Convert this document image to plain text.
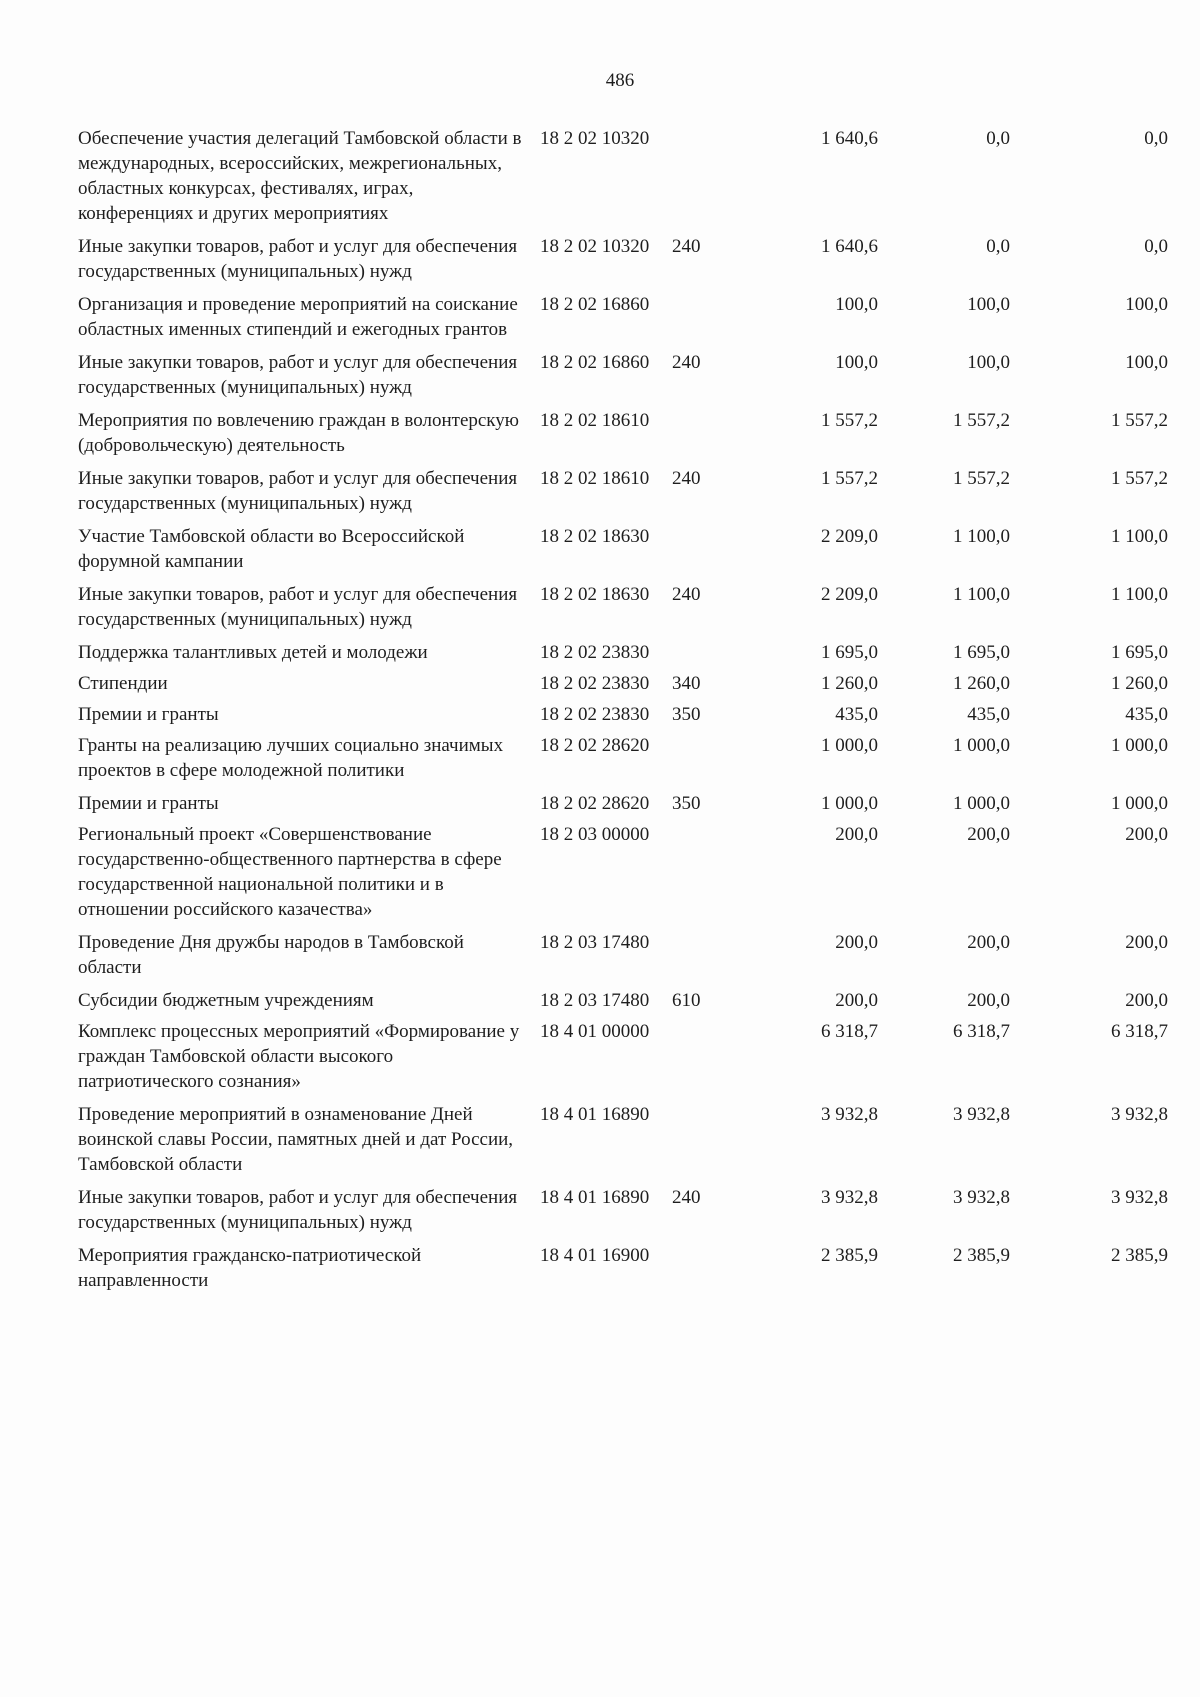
486
Обеспечение участия делегаций Тамбовской области в международных, всероссийских, межрегиональных, областных конкурсах, фестивалях, играх, конференциях и других мероприятиях	18 2 02 10320		1 640,6	0,0	0,0
Иные закупки товаров, работ и услуг для обеспечения государственных (муниципальных) нужд	18 2 02 10320	240	1 640,6	0,0	0,0
Организация и проведение мероприятий на соискание областных именных стипендий и ежегодных грантов	18 2 02 16860		100,0	100,0	100,0
Иные закупки товаров, работ и услуг для обеспечения государственных (муниципальных) нужд	18 2 02 16860	240	100,0	100,0	100,0
Мероприятия по вовлечению граждан в волонтерскую (добровольческую) деятельность	18 2 02 18610		1 557,2	1 557,2	1 557,2
Иные закупки товаров, работ и услуг для обеспечения государственных (муниципальных) нужд	18 2 02 18610	240	1 557,2	1 557,2	1 557,2
Участие Тамбовской области во Всероссийской форумной кампании	18 2 02 18630		2 209,0	1 100,0	1 100,0
Иные закупки товаров, работ и услуг для обеспечения государственных (муниципальных) нужд	18 2 02 18630	240	2 209,0	1 100,0	1 100,0
Поддержка талантливых детей и молодежи	18 2 02 23830		1 695,0	1 695,0	1 695,0
Стипендии	18 2 02 23830	340	1 260,0	1 260,0	1 260,0
Премии и гранты	18 2 02 23830	350	435,0	435,0	435,0
Гранты на реализацию лучших социально значимых проектов в сфере молодежной политики	18 2 02 28620		1 000,0	1 000,0	1 000,0
Премии и гранты	18 2 02 28620	350	1 000,0	1 000,0	1 000,0
Региональный проект «Совершенствование государственно-общественного партнерства в сфере государственной национальной политики и в отношении российского казачества»	18 2 03 00000		200,0	200,0	200,0
Проведение Дня дружбы народов в Тамбовской области	18 2 03 17480		200,0	200,0	200,0
Субсидии бюджетным учреждениям	18 2 03 17480	610	200,0	200,0	200,0
Комплекс процессных мероприятий «Формирование у граждан Тамбовской области высокого патриотического сознания»	18 4 01 00000		6 318,7	6 318,7	6 318,7
Проведение мероприятий в ознаменование Дней воинской славы России, памятных дней и дат России, Тамбовской области	18 4 01 16890		3 932,8	3 932,8	3 932,8
Иные закупки товаров, работ и услуг для обеспечения государственных (муниципальных) нужд	18 4 01 16890	240	3 932,8	3 932,8	3 932,8
Мероприятия гражданско-патриотической направленности	18 4 01 16900		2 385,9	2 385,9	2 385,9
